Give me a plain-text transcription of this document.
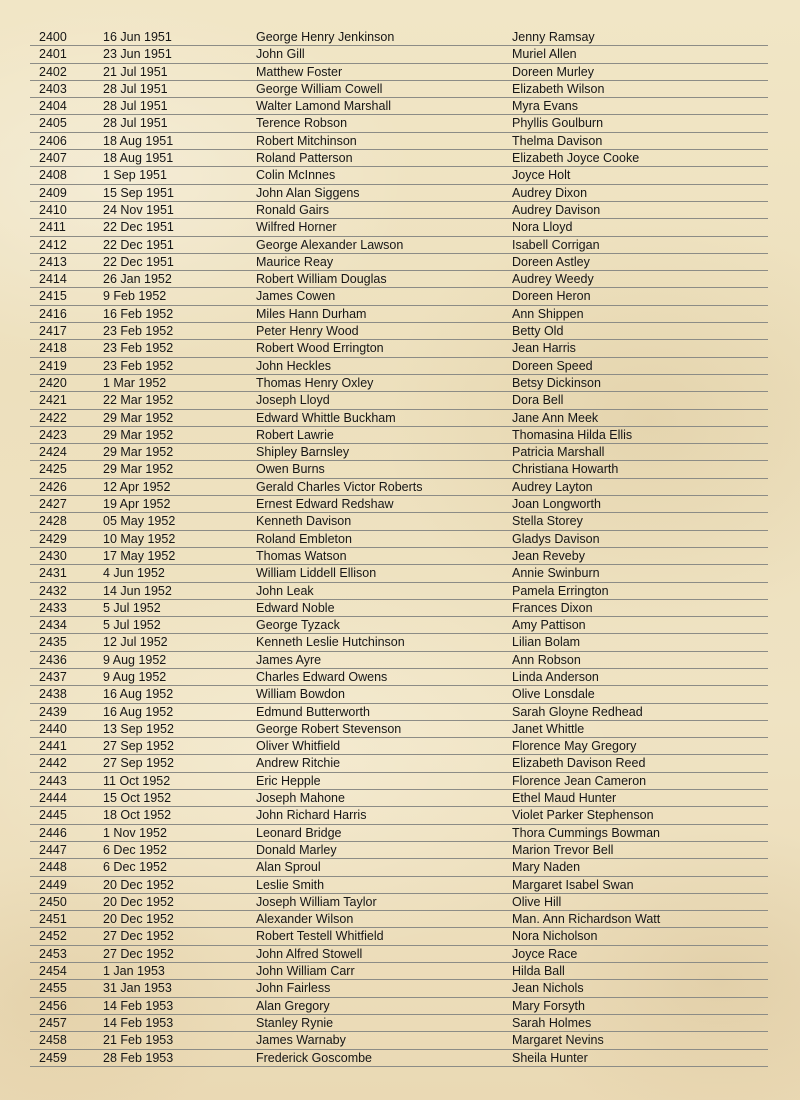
2400	16 Jun 1951	George Henry Jenkinson	Jenny Ramsay
2401	23 Jun 1951	John Gill	Muriel Allen
2402	21 Jul 1951	Matthew Foster	Doreen Murley
2403	28 Jul 1951	George William Cowell	Elizabeth Wilson
2404	28 Jul 1951	Walter Lamond Marshall	Myra Evans
2405	28 Jul 1951	Terence Robson	Phyllis Goulburn
2406	18 Aug 1951	Robert Mitchinson	Thelma Davison
2407	18 Aug 1951	Roland Patterson	Elizabeth Joyce Cooke
2408	1 Sep 1951	Colin McInnes	Joyce Holt
2409	15 Sep 1951	John Alan Siggens	Audrey Dixon
2410	24 Nov 1951	Ronald Gairs	Audrey Davison
2411	22 Dec 1951	Wilfred Horner	Nora Lloyd
2412	22 Dec 1951	George Alexander Lawson	Isabell Corrigan
2413	22 Dec 1951	Maurice Reay	Doreen Astley
2414	26 Jan 1952	Robert William Douglas	Audrey Weedy
2415	9 Feb 1952	James Cowen	Doreen Heron
2416	16 Feb 1952	Miles Hann Durham	Ann Shippen
2417	23 Feb 1952	Peter Henry Wood	Betty Old
2418	23 Feb 1952	Robert Wood Errington	Jean Harris
2419	23 Feb 1952	John Heckles	Doreen Speed
2420	1 Mar 1952	Thomas Henry Oxley	Betsy Dickinson
2421	22 Mar 1952	Joseph Lloyd	Dora Bell
2422	29 Mar 1952	Edward Whittle Buckham	Jane Ann Meek
2423	29 Mar 1952	Robert Lawrie	Thomasina Hilda Ellis
2424	29 Mar 1952	Shipley Barnsley	Patricia Marshall
2425	29 Mar 1952	Owen Burns	Christiana Howarth
2426	12 Apr 1952	Gerald Charles Victor Roberts	Audrey Layton
2427	19 Apr 1952	Ernest Edward Redshaw	Joan Longworth
2428	05 May 1952	Kenneth Davison	Stella Storey
2429	10 May 1952	Roland Embleton	Gladys Davison
2430	17 May 1952	Thomas Watson	Jean Reveby
2431	4 Jun 1952	William Liddell Ellison	Annie Swinburn
2432	14 Jun 1952	John Leak	Pamela Errington
2433	5 Jul 1952	Edward Noble	Frances Dixon
2434	5 Jul 1952	George Tyzack	Amy Pattison
2435	12 Jul 1952	Kenneth Leslie Hutchinson	Lilian Bolam
2436	9 Aug 1952	James Ayre	Ann Robson
2437	9 Aug 1952	Charles Edward Owens	Linda Anderson
2438	16 Aug 1952	William Bowdon	Olive Lonsdale
2439	16 Aug 1952	Edmund Butterworth	Sarah Gloyne Redhead
2440	13 Sep 1952	George Robert Stevenson	Janet Whittle
2441	27 Sep 1952	Oliver Whitfield	Florence May Gregory
2442	27 Sep 1952	Andrew Ritchie	Elizabeth Davison Reed
2443	11 Oct 1952	Eric Hepple	Florence Jean Cameron
2444	15 Oct 1952	Joseph Mahone	Ethel Maud Hunter
2445	18 Oct 1952	John Richard Harris	Violet Parker Stephenson
2446	1 Nov 1952	Leonard Bridge	Thora Cummings Bowman
2447	6 Dec 1952	Donald Marley	Marion Trevor Bell
2448	6 Dec 1952	Alan Sproul	Mary Naden
2449	20 Dec 1952	Leslie Smith	Margaret Isabel Swan
2450	20 Dec 1952	Joseph William Taylor	Olive Hill
2451	20 Dec 1952	Alexander Wilson	Man. Ann Richardson Watt
2452	27 Dec 1952	Robert Testell Whitfield	Nora Nicholson
2453	27 Dec 1952	John Alfred Stowell	Joyce Race
2454	1 Jan 1953	John William Carr	Hilda Ball
2455	31 Jan 1953	John Fairless	Jean Nichols
2456	14 Feb 1953	Alan Gregory	Mary Forsyth
2457	14 Feb 1953	Stanley Rynie	Sarah Holmes
2458	21 Feb 1953	James Warnaby	Margaret Nevins
2459	28 Feb 1953	Frederick Goscombe	Sheila Hunter
